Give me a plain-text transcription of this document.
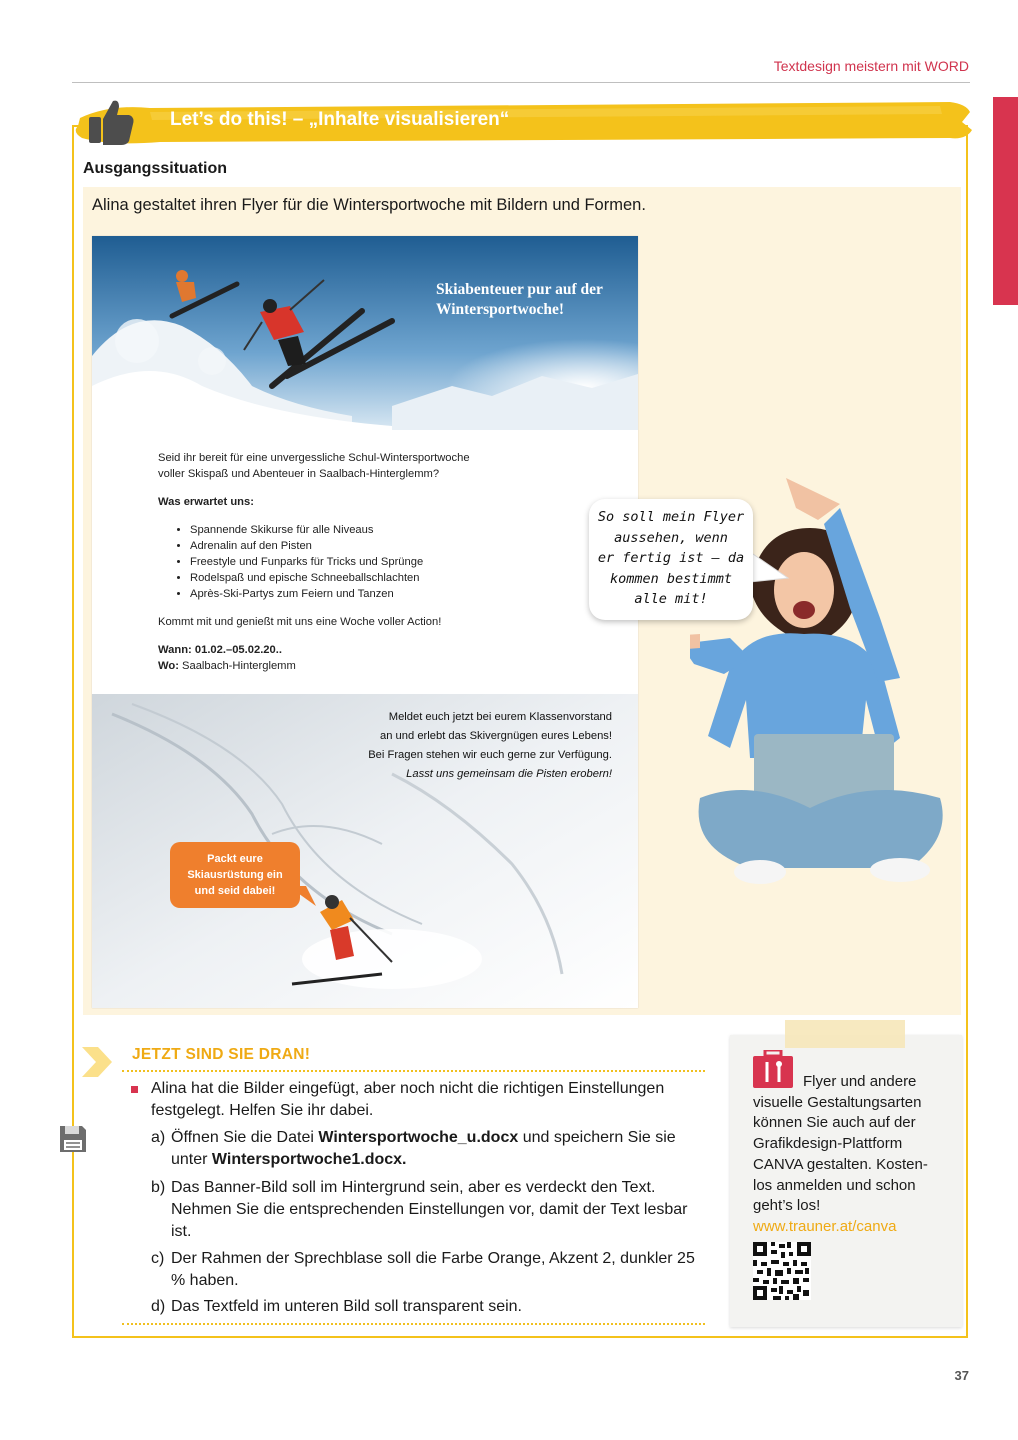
Textdesign meistern mit WORD
Let’s do this! – „Inhalte visualisieren“
Ausgangssituation
Alina gestaltet ihren Flyer für die Wintersportwoche mit Bildern und Formen.
Skiabenteuer pur auf der
Wintersportwoche!

Seid ihr bereit für eine unvergessliche Schul-Wintersportwoche
voller Skispaß und Abenteuer in Saalbach-Hinterglemm?

Was erwartet uns:

• Spannende Skikurse für alle Niveaus
• Adrenalin auf den Pisten
• Freestyle und Funparks für Tricks und Sprünge
• Rodelspaß und epische Schneeballschlachten
• Après-Ski-Partys zum Feiern und Tanzen

Kommt mit und genießt mit uns eine Woche voller Action!

Wann: 01.02.–05.02.20..
Wo: Saalbach-Hinterglemm

Meldet euch jetzt bei eurem Klassenvorstand
an und erlebt das Skivergnügen eures Lebens!
Bei Fragen stehen wir euch gerne zur Verfügung.
Lasst uns gemeinsam die Pisten erobern!
Packt eure
Skiausrüstung ein
und seid dabei!
So soll mein Flyer
aussehen, wenn
er fertig ist – da
kommen bestimmt
alle mit!
JETZT SIND SIE DRAN!
Alina hat die Bilder eingefügt, aber noch nicht die richtigen Einstellungen festgelegt. Helfen Sie ihr dabei.
a) Öffnen Sie die Datei Wintersportwoche_u.docx und speichern Sie sie unter Wintersportwoche1.docx.
b) Das Banner-Bild soll im Hintergrund sein, aber es verdeckt den Text. Nehmen Sie die entsprechenden Einstellungen vor, damit der Text lesbar ist.
c) Der Rahmen der Sprechblase soll die Farbe Orange, Akzent 2, dunkler 25 % haben.
d) Das Textfeld im unteren Bild soll transparent sein.
Flyer und andere
visuelle Gestaltungsarten
können Sie auch auf der
Grafikdesign-Plattform
CANVA gestalten. Kosten-
los anmelden und schon
geht’s los!
www.trauner.at/canva
37
